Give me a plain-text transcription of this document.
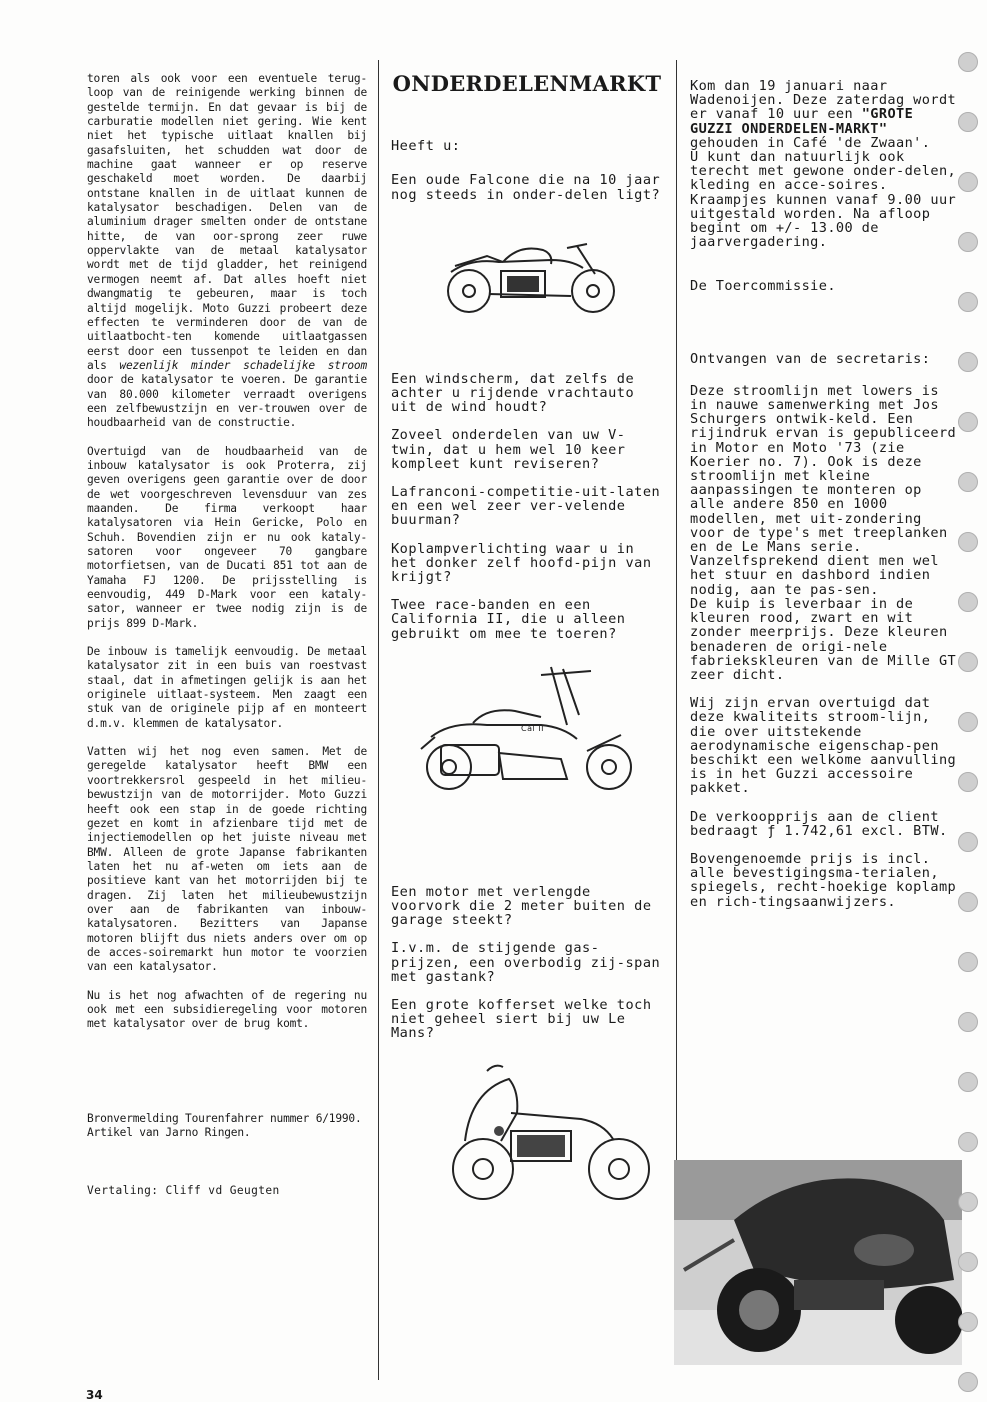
toren als ook voor een eventuele terug-loop van de reinigende werking binnen de gestelde termijn. En dat gevaar is bij de carburatie modellen niet gering. Wie kent niet het typische uitlaat knallen bij gasafsluiten, het schudden wat door de machine gaat wanneer er op reserve geschakeld moet worden. De daarbij ontstane knallen in de uitlaat kunnen de katalysator beschadigen. Delen van de aluminium drager smelten onder de ontstane hitte, de van oor-sprong zeer ruwe oppervlakte van de metaal katalysator wordt met de tijd gladder, het reinigend vermogen neemt af. Dat alles hoeft niet dwangmatig te gebeuren, maar is toch altijd mogelijk. Moto Guzzi probeert deze effecten te verminderen door de van de uitlaatbocht-ten komende uitlaatgassen eerst door een tussenpot te leiden en dan als wezenlijk minder schadelijke stroom door de katalysator te voeren. De garantie van 80.000 kilometer verraadt overigens een zelfbewustzijn en ver-trouwen over de houdbaarheid van de constructie.

Overtuigd van de houdbaarheid van de inbouw katalysator is ook Proterra, zij geven overigens geen garantie over de door de wet voorgeschreven levensduur van zes maanden. De firma verkoopt haar katalysatoren via Hein Gericke, Polo en Schuh. Bovendien zijn er nu ook kataly-satoren voor ongeveer 70 gangbare motorfietsen, van de Ducati 851 tot aan de Yamaha FJ 1200. De prijsstelling is eenvoudig, 449 D-Mark voor een kataly-sator, wanneer er twee nodig zijn is de prijs 899 D-Mark.

De inbouw is tamelijk eenvoudig. De metaal katalysator zit in een buis van roestvast staal, dat in afmetingen gelijk is aan het originele uitlaat-systeem. Men zaagt een stuk van de originele pijp af en monteert d.m.v. klemmen de katalysator.

Vatten wij het nog even samen. Met de geregelde katalysator heeft BMW een voortrekkersrol gespeeld in het milieu-bewustzijn van de motorrijder. Moto Guzzi heeft ook een stap in de goede richting gezet en komt in afzienbare tijd met de injectiemodellen op het juiste niveau met BMW. Alleen de grote Japanse fabrikanten laten het nu af-weten om iets aan de positieve kant van het motorrijden bij te dragen. Zij laten het milieubewustzijn over aan de fabrikanten van inbouw-katalysatoren. Bezitters van Japanse motoren blijft dus niets anders over om op de acces-soiremarkt hun motor te voorzien van een katalysator.

Nu is het nog afwachten of de regering nu ook met een subsidieregeling voor motoren met katalysator over de brug komt.

Bronvermelding Tourenfahrer nummer 6/1990.
Artikel van Jarno Ringen.

Vertaling: Cliff vd Geugten

ONDERDELENMARKT

Heeft u:

Een oude Falcone die na 10 jaar nog steeds in onder-delen ligt?

Een windscherm, dat zelfs de achter u rijdende vrachtauto uit de wind houdt?

Zoveel onderdelen van uw V-twin, dat u hem wel 10 keer kompleet kunt reviseren?

Lafranconi-competitie-uit-laten en een wel zeer ver-velende buurman?

Koplampverlichting waar u in het donker zelf hoofd-pijn van krijgt?

Twee race-banden en een California II, die u alleen gebruikt om mee te toeren?

Cal II

Een motor met verlengde voorvork die 2 meter buiten de garage steekt?

I.v.m. de stijgende gas-prijzen, een overbodig zij-span met gastank?

Een grote kofferset welke toch niet geheel siert bij uw Le Mans?

Kom dan 19 januari naar Wadenoijen. Deze zaterdag wordt er vanaf 10 uur een "GROTE GUZZI ONDERDELEN-MARKT" gehouden in Café 'de Zwaan'.

U kunt dan natuurlijk ook terecht met gewone onder-delen, kleding en acce-soires.

Kraampjes kunnen vanaf 9.00 uur uitgestald worden. Na afloop begint om +/- 13.00 de jaarvergadering.

De Toercommissie.

Ontvangen van de secretaris:

Deze stroomlijn met lowers is in nauwe samenwerking met Jos Schurgers ontwik-keld. Een rijindruk ervan is gepubliceerd in Motor en Moto '73 (zie Koerier no. 7). Ook is deze stroomlijn met kleine aanpassingen te monteren op alle andere 850 en 1000 modellen, met uit-zondering voor de type's met treeplanken en de Le Mans serie.

Vanzelfsprekend dient men wel het stuur en dashbord indien nodig, aan te pas-sen.

De kuip is leverbaar in de kleuren rood, zwart en wit zonder meerprijs. Deze kleuren benaderen de origi-nele fabriekskleuren van de Mille GT zeer dicht.

Wij zijn ervan overtuigd dat deze kwaliteits stroom-lijn, die over uitstekende aerodynamische eigenschap-pen beschikt een welkome aanvulling is in het Guzzi accessoire pakket.

De verkoopprijs aan de client bedraagt ƒ 1.742,61 excl. BTW.

Bovengenoemde prijs is incl. alle bevestigingsma-terialen, spiegels, recht-hoekige koplamp en rich-tingsaanwijzers.

34
